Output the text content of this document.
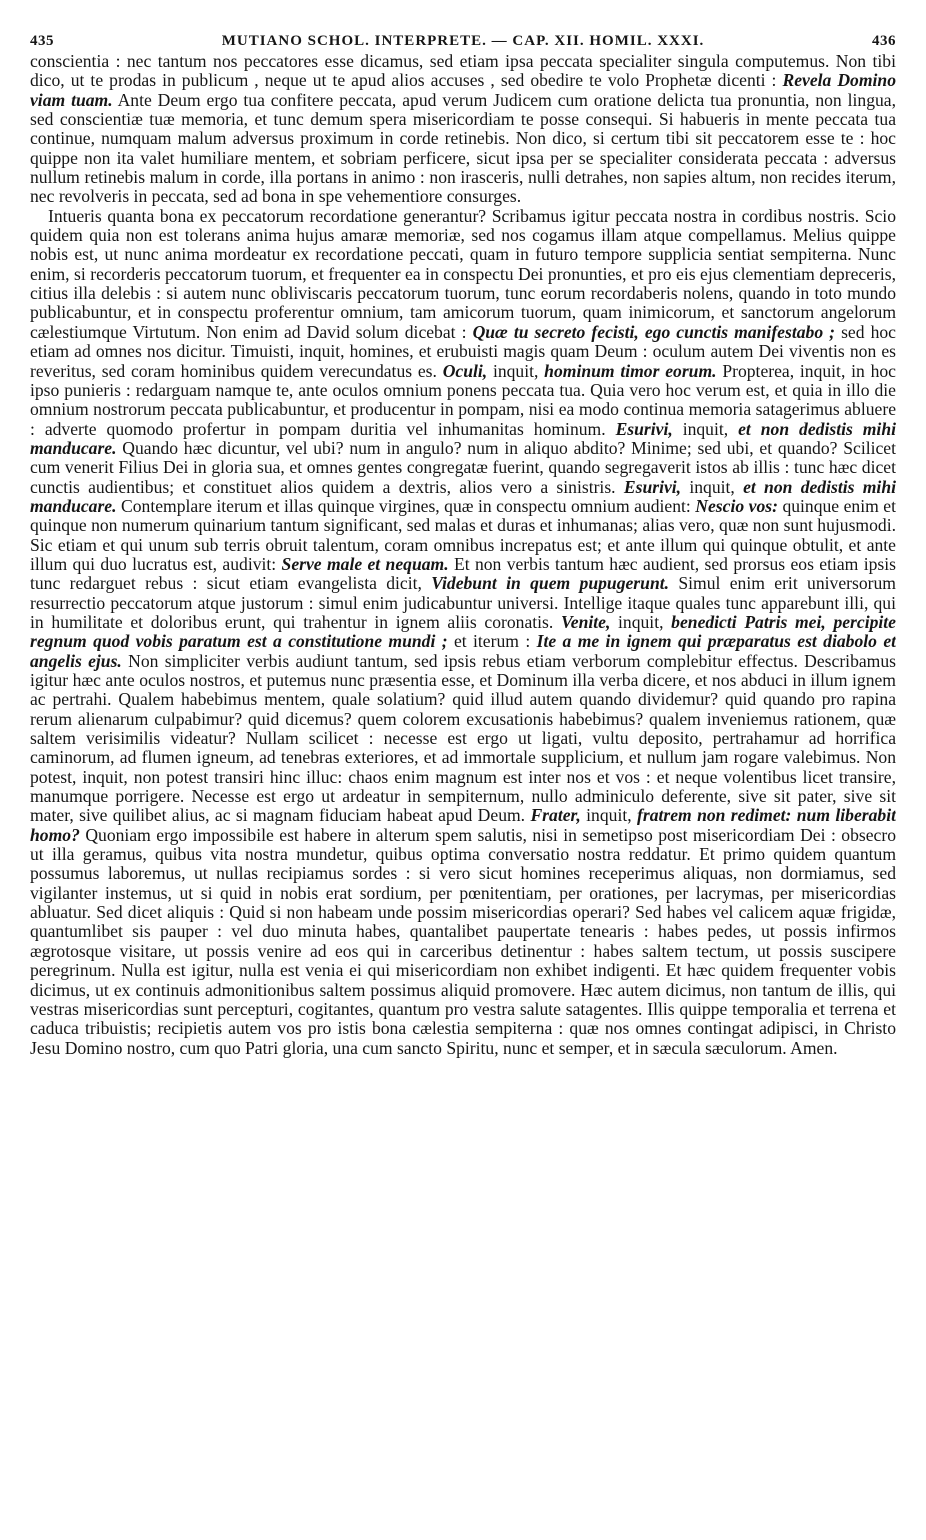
435	MUTIANO SCHOL. INTERPRETE. — CAP. XII. HOMIL. XXXI.	436

conscientia : nec tantum nos peccatores esse dicamus, sed etiam ipsa peccata specialiter singula computemus. Non tibi dico, ut te prodas in publicum , neque ut te apud alios accuses , sed obedire te volo Prophetæ dicenti : Revela Domino viam tuam. Ante Deum ergo tua confitere peccata, apud verum Judicem cum oratione delicta tua pronuntia, non lingua, sed conscientiæ tuæ memoria, et tunc demum spera misericordiam te posse consequi. Si habueris in mente peccata tua continue, numquam malum adversus proximum in corde retinebis. Non dico, si certum tibi sit peccatorem esse te : hoc quippe non ita valet humiliare mentem, et sobriam perficere, sicut ipsa per se specialiter considerata peccata : adversus nullum retinebis malum in corde, illa portans in animo : non irasceris, nulli detrahes, non sapies altum, non recides iterum, nec revolveris in peccata, sed ad bona in spe vehementiore consurges.

Intueris quanta bona ex peccatorum recordatione generantur? Scribamus igitur peccata nostra in cordibus nostris. Scio quidem quia non est tolerans anima hujus amaræ memoriæ, sed nos cogamus illam atque compellamus. Melius quippe nobis est, ut nunc anima mordeatur ex recordatione peccati, quam in futuro tempore supplicia sentiat sempiterna. Nunc enim, si recorderis peccatorum tuorum, et frequenter ea in conspectu Dei pronunties, et pro eis ejus clementiam depreceris, citius illa delebis : si autem nunc obliviscaris peccatorum tuorum, tunc eorum recordaberis nolens, quando in toto mundo publicabuntur, et in conspectu proferentur omnium, tam amicorum tuorum, quam inimicorum, et sanctorum angelorum cælestiumque Virtutum. Non enim ad David solum dicebat : Quæ tu secreto fecisti, ego cunctis manifestabo ; sed hoc etiam ad omnes nos dicitur. Timuisti, inquit, homines, et erubuisti magis quam Deum : oculum autem Dei viventis non es reveritus, sed coram hominibus quidem verecundatus es. Oculi, inquit, hominum timor eorum. Propterea, inquit, in hoc ipso punieris : redarguam namque te, ante oculos omnium ponens peccata tua. Quia vero hoc verum est, et quia in illo die omnium nostrorum peccata publicabuntur, et producentur in pompam, nisi ea modo continua memoria satagerimus abluere : adverte quomodo profertur in pompam duritia vel inhumanitas hominum. Esurivi, inquit, et non dedistis mihi manducare. Quando hæc dicuntur, vel ubi? num in angulo? num in aliquo abdito? Minime; sed ubi, et quando? Scilicet cum venerit Filius Dei in gloria sua, et omnes gentes congregatæ fuerint, quando segregaverit istos ab illis : tunc hæc dicet cunctis audientibus; et constituet alios quidem a dextris, alios vero a sinistris. Esurivi, inquit, et non dedistis mihi manducare. Contemplare iterum et illas quinque virgines, quæ in conspectu omnium audient: Nescio vos: quinque enim et quinque non numerum quinarium tantum significant, sed malas et duras et inhumanas; alias vero, quæ non sunt hujusmodi. Sic etiam et qui unum sub terris obruit talentum, coram omnibus increpatus est; et ante illum qui quinque obtulit, et ante illum qui duo lucratus est, audivit: Serve male et nequam. Et non verbis tantum hæc audient, sed prorsus eos etiam ipsis tunc redarguet rebus : sicut etiam evangelista dicit, Videbunt in quem pupugerunt. Simul enim erit universorum resurrectio peccatorum atque justorum : simul enim judicabuntur universi. Intellige itaque quales tunc apparebunt illi, qui in humilitate et doloribus erunt, qui trahentur in ignem aliis coronatis. Venite, inquit, benedicti Patris mei, percipite regnum quod vobis paratum est a constitutione mundi ; et iterum : Ite a me in ignem qui præparatus est diabolo et angelis ejus. Non simpliciter verbis audiunt tantum, sed ipsis rebus etiam verborum complebitur effectus. Describamus igitur hæc ante oculos nostros, et putemus nunc præsentia esse, et Dominum illa verba dicere, et nos abduci in illum ignem ac pertrahi. Qualem habebimus mentem, quale solatium? quid illud autem quando dividemur? quid quando pro rapina rerum alienarum culpabimur? quid dicemus? quem colorem excusationis habebimus? qualem inveniemus rationem, quæ saltem verisimilis videatur? Nullam scilicet : necesse est ergo ut ligati, vultu deposito, pertrahamur ad horrifica caminorum, ad flumen igneum, ad tenebras exteriores, et ad immortale supplicium, et nullum jam rogare valebimus. Non potest, inquit, non potest transiri hinc illuc: chaos enim magnum est inter nos et vos : et neque volentibus licet transire, manumque porrigere. Necesse est ergo ut ardeatur in sempiternum, nullo adminiculo deferente, sive sit pater, sive sit mater, sive quilibet alius, ac si magnam fiduciam habeat apud Deum. Frater, inquit, fratrem non redimet: num liberabit homo? Quoniam ergo impossibile est habere in alterum spem salutis, nisi in semetipso post misericordiam Dei : obsecro ut illa geramus, quibus vita nostra mundetur, quibus optima conversatio nostra reddatur. Et primo quidem quantum possumus laboremus, ut nullas recipiamus sordes : si vero sicut homines receperimus aliquas, non dormiamus, sed vigilanter instemus, ut si quid in nobis erat sordium, per pœnitentiam, per orationes, per lacrymas, per misericordias abluatur. Sed dicet aliquis : Quid si non habeam unde possim misericordias operari? Sed habes vel calicem aquæ frigidæ, quantumlibet sis pauper : vel duo minuta habes, quantalibet paupertate tenearis : habes pedes, ut possis infirmos ægrotosque visitare, ut possis venire ad eos qui in carceribus detinentur : habes saltem tectum, ut possis suscipere peregrinum. Nulla est igitur, nulla est venia ei qui misericordiam non exhibet indigenti. Et hæc quidem frequenter vobis dicimus, ut ex continuis admonitionibus saltem possimus aliquid promovere. Hæc autem dicimus, non tantum de illis, qui vestras misericordias sunt percepturi, cogitantes, quantum pro vestra salute satagentes. Illis quippe temporalia et terrena et caduca tribuistis; recipietis autem vos pro istis bona cælestia sempiterna : quæ nos omnes contingat adipisci, in Christo Jesu Domino nostro, cum quo Patri gloria, una cum sancto Spiritu, nunc et semper, et in sæcula sæculorum. Amen.
